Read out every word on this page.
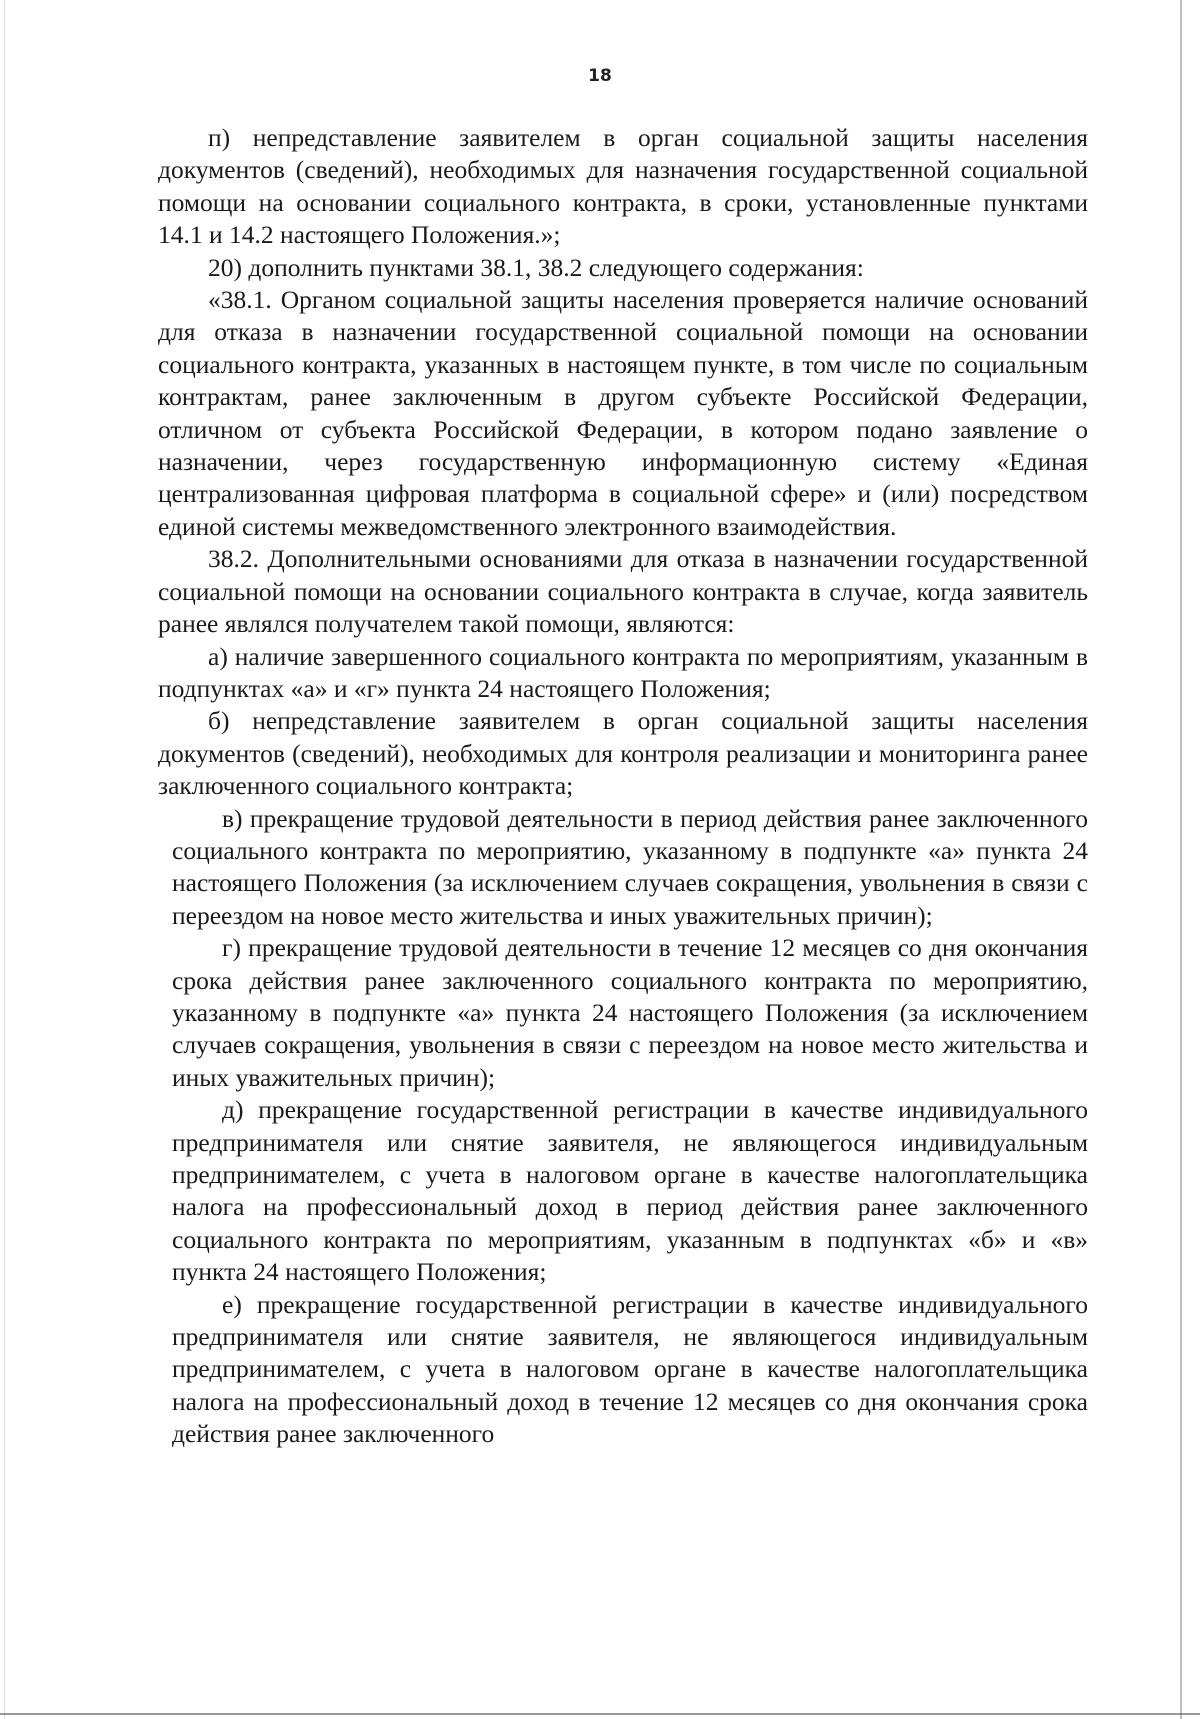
18

п) непредставление заявителем в орган социальной защиты населения документов (сведений), необходимых для назначения государственной социальной помощи на основании социального контракта, в сроки, установленные пунктами 14.1 и 14.2 настоящего Положения.»;

20) дополнить пунктами 38.1, 38.2 следующего содержания:

«38.1. Органом социальной защиты населения проверяется наличие оснований для отказа в назначении государственной социальной помощи на основании социального контракта, указанных в настоящем пункте, в том числе по социальным контрактам, ранее заключенным в другом субъекте Российской Федерации, отличном от субъекта Российской Федерации, в котором подано заявление о назначении, через государственную информационную систему «Единая централизованная цифровая платформа в социальной сфере» и (или) посредством единой системы межведомственного электронного взаимодействия.

38.2. Дополнительными основаниями для отказа в назначении государственной социальной помощи на основании социального контракта в случае, когда заявитель ранее являлся получателем такой помощи, являются:

а) наличие завершенного социального контракта по мероприятиям, указанным в подпунктах «а» и «г» пункта 24 настоящего Положения;

б) непредставление заявителем в орган социальной защиты населения документов (сведений), необходимых для контроля реализации и мониторинга ранее заключенного социального контракта;

в) прекращение трудовой деятельности в период действия ранее заключенного социального контракта по мероприятию, указанному в подпункте «а» пункта 24 настоящего Положения (за исключением случаев сокращения, увольнения в связи с переездом на новое место жительства и иных уважительных причин);

г) прекращение трудовой деятельности в течение 12 месяцев со дня окончания срока действия ранее заключенного социального контракта по мероприятию, указанному в подпункте «а» пункта 24 настоящего Положения (за исключением случаев сокращения, увольнения в связи с переездом на новое место жительства и иных уважительных причин);

д) прекращение государственной регистрации в качестве индивидуального предпринимателя или снятие заявителя, не являющегося индивидуальным предпринимателем, с учета в налоговом органе в качестве налогоплательщика налога на профессиональный доход в период действия ранее заключенного социального контракта по мероприятиям, указанным в подпунктах «б» и «в» пункта 24 настоящего Положения;

е) прекращение государственной регистрации в качестве индивидуального предпринимателя или снятие заявителя, не являющегося индивидуальным предпринимателем, с учета в налоговом органе в качестве налогоплательщика налога на профессиональный доход в течение 12 месяцев со дня окончания срока действия ранее заключенного
